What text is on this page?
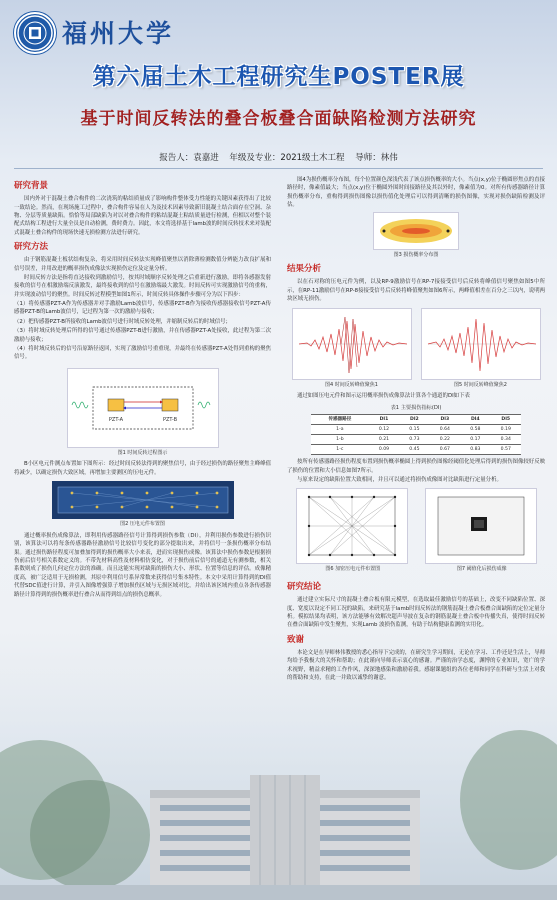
福州大学
第六届土木工程研究生POSTER展
基于时间反转法的叠合板叠合面缺陷检测方法研究
报告人：袁嘉进 年级及专业：2021级土木工程 导师：林伟
研究背景

国内外对于混凝土叠合构件的二次浇筑的粘结质量成了影响构件整体受力性能的关键因素获得出了比较一致结论。然而，在现场施工过程中，叠合构件容易在人为及技术因素导致新旧混凝土结合面存在空洞、杂物、分层等质量缺陷。恰恰等局部缺陷为对以对叠合构件的粘结混凝土粘结质量进行检测，但相以对整个装配式结构工程进行大量全员是自动检测，费时费力。因此，本文将选择基于lamb波的时间反转技术来对装配式混凝土叠合构件的现场快速无损检测方法进行研究。

研究方法

由于钢筋混凝土板状结构复杂，将采用时间反转法实现峰值聚焦以消除薄检测数值分辨能力改良扩展和信号误差，并用改进的概率损伤成像法实现损伤定位及定量分析。

时间反转方法是指将直达接收到激励信号，按其时域顺序反转处理之后重新进行激励，即将各感器发射接收的信号在相激励端反演激发，最终接收到的信号在激励端最大激发。时间反转可实现激励信号的重构，并实现波动信号的聚焦。时间反转过程模型如图1所示，时间反转具体操作步骤可分为以下四步：

（1）将传感器PZT-A作为传感器并对手激励Lamb波信号，传感器PZT-B作为接收传感器接收信号PZT-A传感器PZT-B的Lamb波信号，记过程为第一次的激励与接收；

（2）把传感器PZT-B所接收的Lamb波信号进行时域反转处理，并缩制反转后的时域信号；

（3）将时域反转处理后所得的信号通过传感器PZT-B进行激励，并在传感器PZT-A处接收，此过程为第二次激励与接收；

（4）将时域反转后的信号沿原路径返回，实现了激励信号重重现，并最终在传感器PZT-A处得到重构的聚焦信号。

PZT-A	PZT-B
图1 时间反转过程图示

B小区电元件测点布置如下图所示：经过时间反转法得到的聚焦信号，由于经过损伤的路径聚焦主峰峰值将减少，以确定损伤大致区域，再增加主要测区的压电元件。

图2 压电元件布置图

通过概率损伤成像算法，即利用传感器路径信号计算得到损伤参数（DI），并利用损伤参数进行损伤识别，该算法可以将每条传感器路径激励信号比较信号变化的部分提取出来，并将信号一条损伤概率分布结果。通过损伤路径程度可加叠加得到的损伤概率大小来表，进而实现损伤成像。该算法中损伤参数是根据损伤前后信号相关系数定义的。不带先材料高性及材料相仿变化，对于损伤前后信号的通道无有测参数，相关系数则成了损伤几何定位方法的准确。而且这能实现对缺陷的损伤大小、形状、位置等信息的评估。成像精度高，被广泛适用于无损检测，其原中利用信号系异常数来获得信号集本特性。本文中采用计算得到的DI值代替SDC值进行计算，并引入图像增强算子增加损伤区域与无损区域对比，并给出该区域内重点各条传感器路径计算得到的损伤概率进行叠合从而得到结点的损伤总概率。

图4为损伤概率分布图，每个位置颜色深浅代表了该点损伤概率的大小。当点(x,y)位于椭圆形焦点的直接路径时，像素值最大；当点(x,y)位于椭圆外围时间接路径及其以外时，像素值为0。对所有传感器路径计算损伤概率分布，重构得到损伤图像以损伤值化处理后可以得到清晰的损伤图像，实现对损伤缺陷检测及评估。

图3 损伤概率分布图
结果分析

以在石对称的压电元件为例，以及RP-9激励信号在RP-7接接受信号后反转将峰值信号聚焦如图5中所示，在RP-11激励信号在RP-8接接受信号后反转将峰值聚焦如图6所示，两峰值相差在百分之三以内，说明两块区域无损伤。

图4 时间反转峰值聚焦1	图5 时间反转峰值聚焦2

通过如图压电元件和图示运用概率损伤成像算法计算各个通道的DI如下表

表1 主要损伤指标(DI)
传感器路径	DI1	DI2	DI3	DI4	DI5
1-a	0.12	0.15	0.64	0.58	0.19
1-b	0.21	0.73	0.22	0.17	0.34
1-c	0.09	0.45	0.67	0.83	0.57

按所有传感器路径损伤程度布置到损伤概率椭圆上得到损伤图像经阈值化处理后得到的损伤图像较好反映了损伤的位置和大小信息如图7所示。

与原来设定的缺陷位置大致相同，并且可以通过将损伤成像图对比缺陷进行定量分析。

图6 加密压电元件布置图	图7 阈值化后损伤成像
研究结论

通过建立实际尺寸的混凝土叠合板有限元模型，在选取最佳激励信号的基础上，改变不同缺陷位置、深度、宽度以设定不同工况的缺陷，来研究基于lamb时间反转法的钢筋混凝土叠合板叠合面缺陷的定位定量分析。模拟结果均表明，该方法能够有效解决超声导波在复杂的钢筋混凝土叠合板中传播失真，使得时间反转在叠合面缺陷中发生聚焦，实现Lamb 波损伤监测，有助于结构健康监测的实用化。

致谢

本论文是在导师林伟教授的悉心指导下完成的，在研究生学习期间，无论在学习、工作还是生活上，导师均给予我极大的关怀和帮助；在此谨向导师表示衷心的感谢。严谨的治学态度，渊博的专业知识，宽广的学术视野，精益求精的工作作风，深深地感染和激励着我。感谢课题组的各位老师和同学在科研与生活上对我的帮助和支持，在此一并致以诚挚的谢意。
